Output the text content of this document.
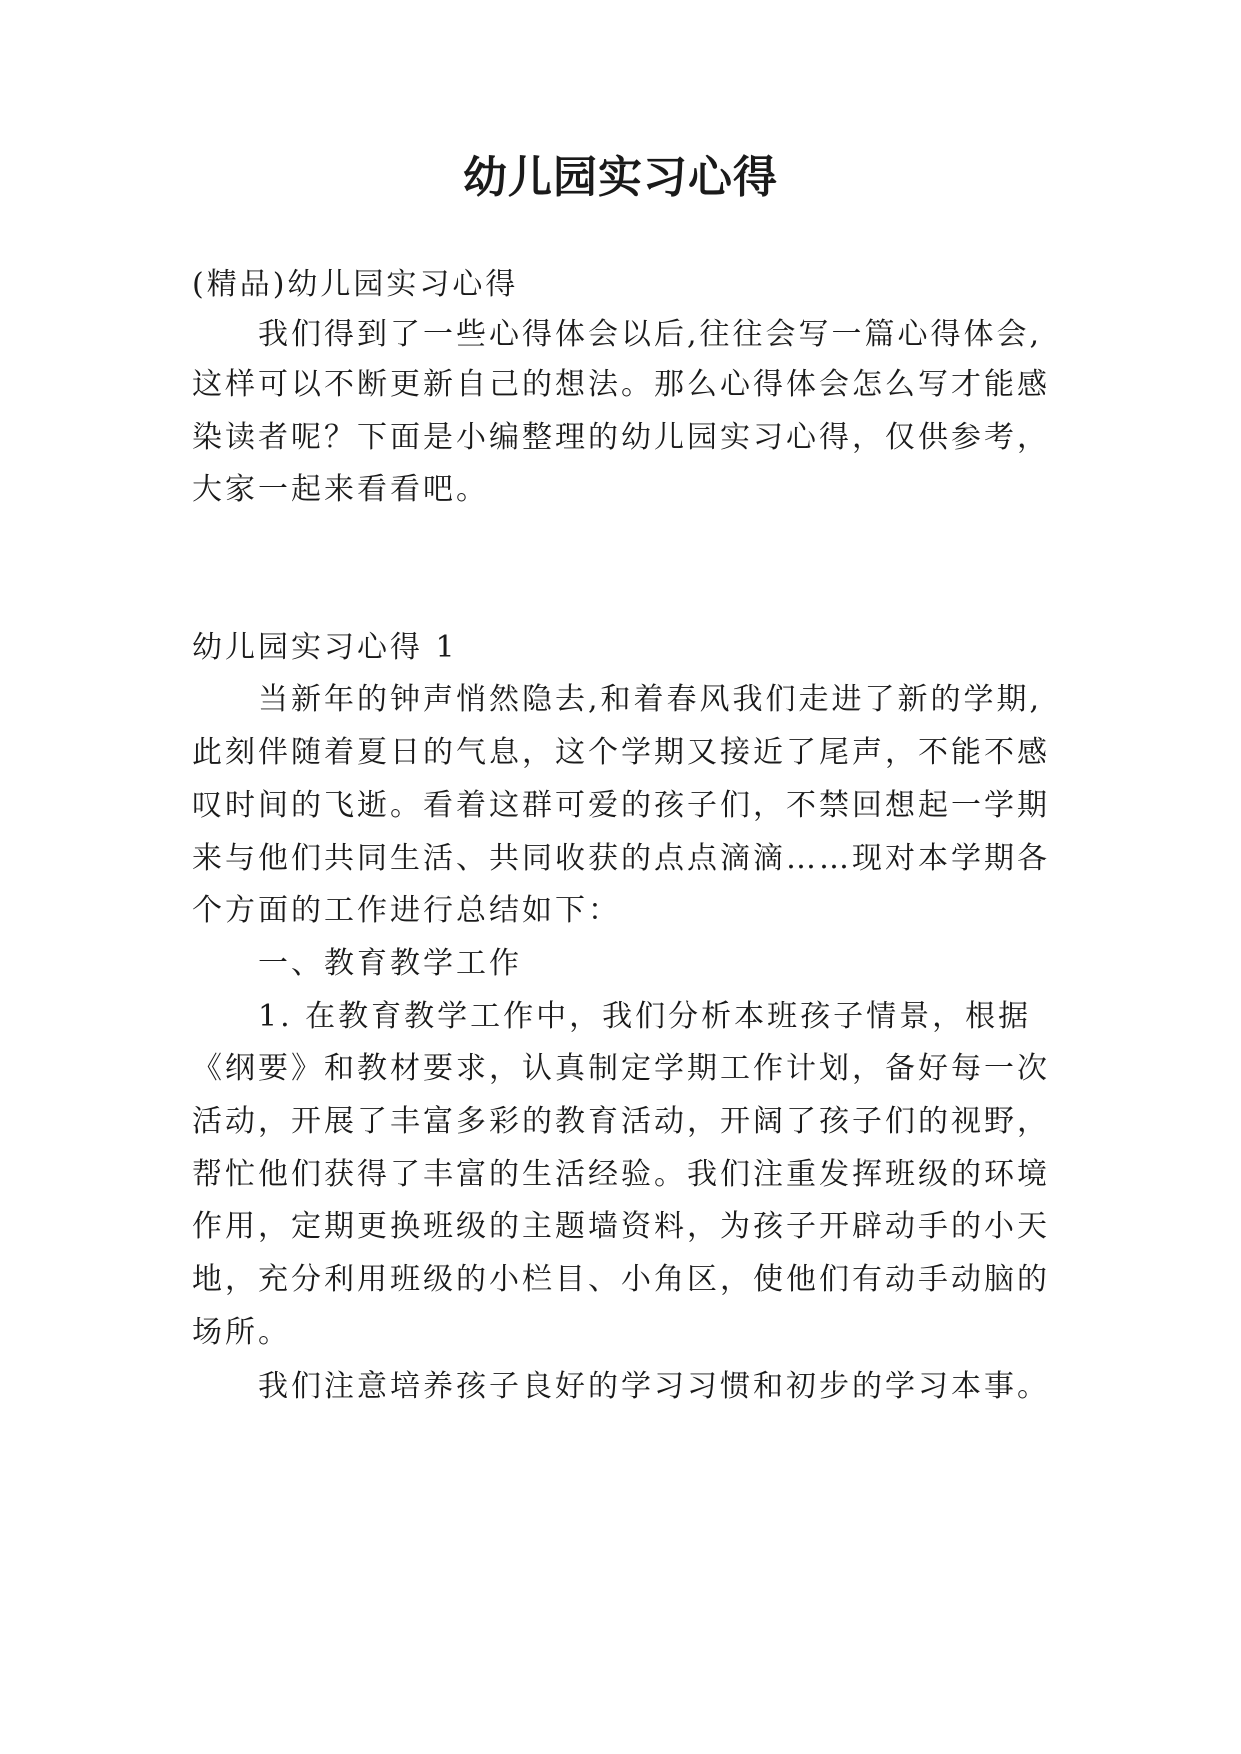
幼儿园实习心得
(精品)幼儿园实习心得
我们得到了一些心得体会以后,往往会写一篇心得体会,
这样可以不断更新自己的想法。那么心得体会怎么写才能感
染读者呢？下面是小编整理的幼儿园实习心得，仅供参考，
大家一起来看看吧。
幼儿园实习心得 1
当新年的钟声悄然隐去,和着春风我们走进了新的学期,
此刻伴随着夏日的气息，这个学期又接近了尾声，不能不感
叹时间的飞逝。看着这群可爱的孩子们，不禁回想起一学期
来与他们共同生活、共同收获的点点滴滴……现对本学期各
个方面的工作进行总结如下：
一、教育教学工作
1. 在教育教学工作中，我们分析本班孩子情景，根据
《纲要》和教材要求，认真制定学期工作计划，备好每一次
活动，开展了丰富多彩的教育活动，开阔了孩子们的视野，
帮忙他们获得了丰富的生活经验。我们注重发挥班级的环境
作用，定期更换班级的主题墙资料，为孩子开辟动手的小天
地，充分利用班级的小栏目、小角区，使他们有动手动脑的
场所。
我们注意培养孩子良好的学习习惯和初步的学习本事。
